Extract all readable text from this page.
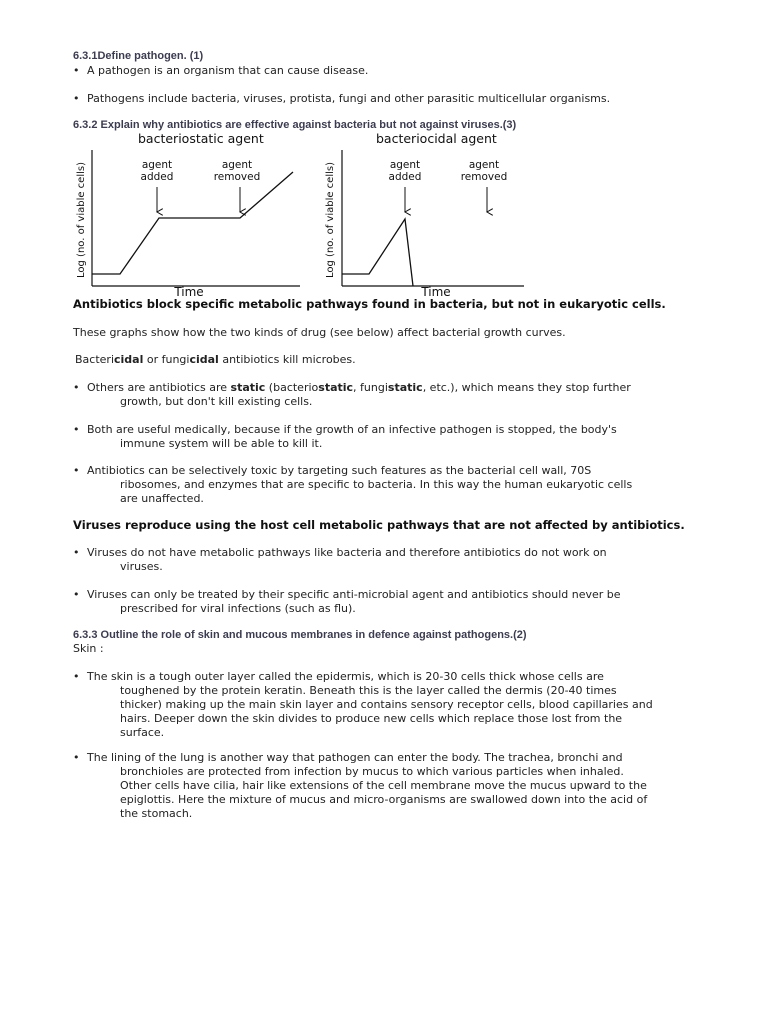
6.3.1Define pathogen. (1)
• A pathogen is an organism that can cause disease.
• Pathogens include bacteria, viruses, protista, fungi and other parasitic multicellular organisms.
6.3.2 Explain why antibiotics are effective against bacteria but not against viruses.(3)
bacteriostatic agent	bacteriocidal agent
agent
added
agent
removed
Log (no. of viable cells)
Time
agent
added
agent
removed
Log (no. of viable cells)
Time
Antibiotics block specific metabolic pathways found in bacteria, but not in eukaryotic cells.
These graphs show how the two kinds of drug (see below) affect bacterial growth curves.
Bactericidal or fungicidal antibiotics kill microbes.
• Others are antibiotics are static (bacteriostatic, fungistatic, etc.), which means they stop further
growth, but don't kill existing cells.
• Both are useful medically, because if the growth of an infective pathogen is stopped, the body's
immune system will be able to kill it.
• Antibiotics can be selectively toxic by targeting such features as the bacterial cell wall, 70S
ribosomes, and enzymes that are specific to bacteria. In this way the human eukaryotic cells
are unaffected.
Viruses reproduce using the host cell metabolic pathways that are not affected by antibiotics.
• Viruses do not have metabolic pathways like bacteria and therefore antibiotics do not work on
viruses.
• Viruses can only be treated by their specific anti-microbial agent and antibiotics should never be
prescribed for viral infections (such as flu).
6.3.3 Outline the role of skin and mucous membranes in defence against pathogens.(2)
Skin :
• The skin is a tough outer layer called the epidermis, which is 20-30 cells thick whose cells are
toughened by the protein keratin. Beneath this is the layer called the dermis (20-40 times
thicker) making up the main skin layer and contains sensory receptor cells, blood capillaries and
hairs. Deeper down the skin divides to produce new cells which replace those lost from the
surface.
• The lining of the lung is another way that pathogen can enter the body. The trachea, bronchi and
bronchioles are protected from infection by mucus to which various particles when inhaled.
Other cells have cilia, hair like extensions of the cell membrane move the mucus upward to the
epiglottis. Here the mixture of mucus and micro-organisms are swallowed down into the acid of
the stomach.
